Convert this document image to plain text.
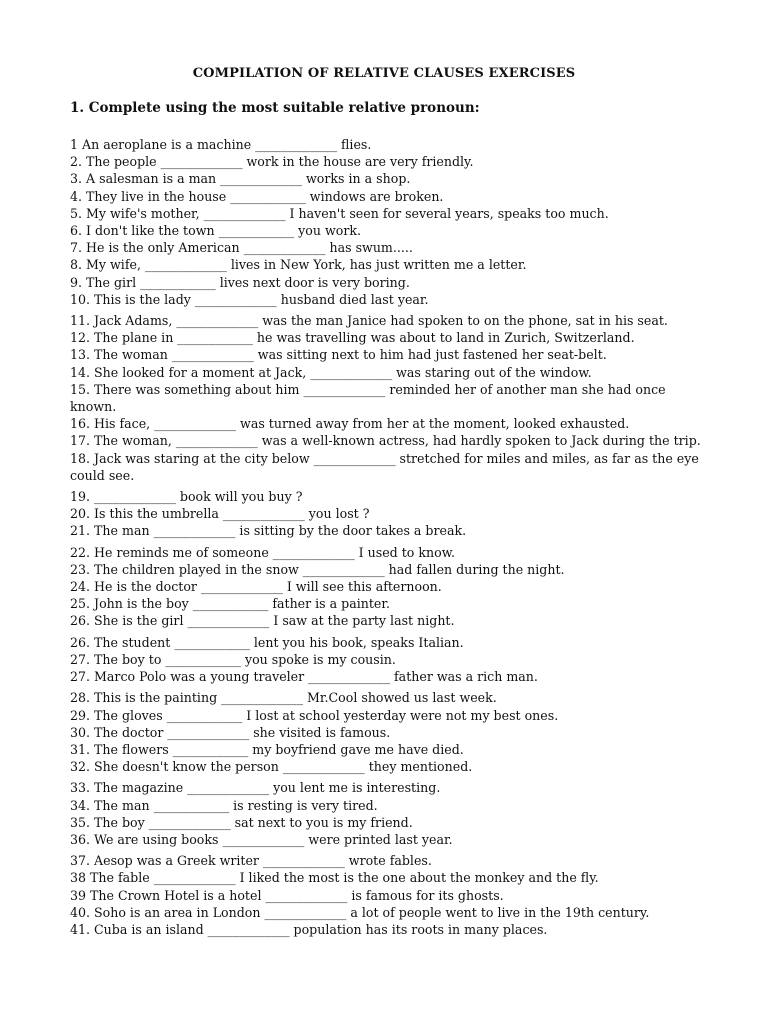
COMPILATION OF RELATIVE CLAUSES EXERCISES
1. Complete using the most suitable relative pronoun:
1 An aeroplane is a machine _____________ flies.
2. The people _____________ work in the house are very friendly.
3. A salesman is a man _____________ works in a shop.
4. They live in the house ____________ windows are broken.
5. My wife's mother, _____________ I haven't seen for several years, speaks too much.
6. I don't like the town ____________ you work.
7. He is the only American _____________ has swum.....
8. My wife, _____________ lives in New York, has just written me a letter.
9. The girl ____________ lives next door is very boring.
10. This is the lady _____________ husband died last year.
11. Jack Adams, _____________ was the man Janice had spoken to on the phone, sat in his seat.
12. The plane in ____________ he was travelling was about to land in Zurich, Switzerland.
13. The woman _____________ was sitting next to him had just fastened her seat-belt.
14. She looked for a moment at Jack, _____________ was staring out of the window.
15. There was something about him _____________ reminded her of another man she had once known.
16. His face, _____________ was turned away from her at the moment, looked exhausted.
17. The woman, _____________ was a well-known actress, had hardly spoken to Jack during the trip.
18. Jack was staring at the city below _____________ stretched for miles and miles, as far as the eye could see.
19. _____________ book will you buy ?
20. Is this the umbrella _____________ you lost ?
21. The man _____________ is sitting by the door takes a break.
22. He reminds me of someone _____________ I used to know.
23. The children played in the snow _____________ had fallen during the night.
24. He is the doctor _____________ I will see this afternoon.
25. John is the boy ____________ father is a painter.
26. She is the girl _____________ I saw at the party last night.
26. The student ____________ lent you his book, speaks Italian.
27. The boy to ____________ you spoke is my cousin.
27. Marco Polo was a young traveler _____________ father was a rich man.
28. This is the painting _____________ Mr.Cool showed us last week.
29. The gloves ____________ I lost at school yesterday were not my best ones.
30. The doctor _____________ she visited is famous.
31. The flowers ____________ my boyfriend gave me have died.
32. She doesn't know the person _____________ they mentioned.
33. The magazine _____________ you lent me is interesting.
34. The man ____________ is resting is very tired.
35. The boy _____________ sat next to you is my friend.
36. We are using books _____________ were printed last year.
37. Aesop was a Greek writer _____________ wrote fables.
38 The fable _____________ I liked the most is the one about the monkey and the fly.
39 The Crown Hotel is a hotel _____________ is famous for its ghosts.
40. Soho is an area in London _____________ a lot of people went to live in the 19th century.
41. Cuba is an island _____________ population has its roots in many places.
